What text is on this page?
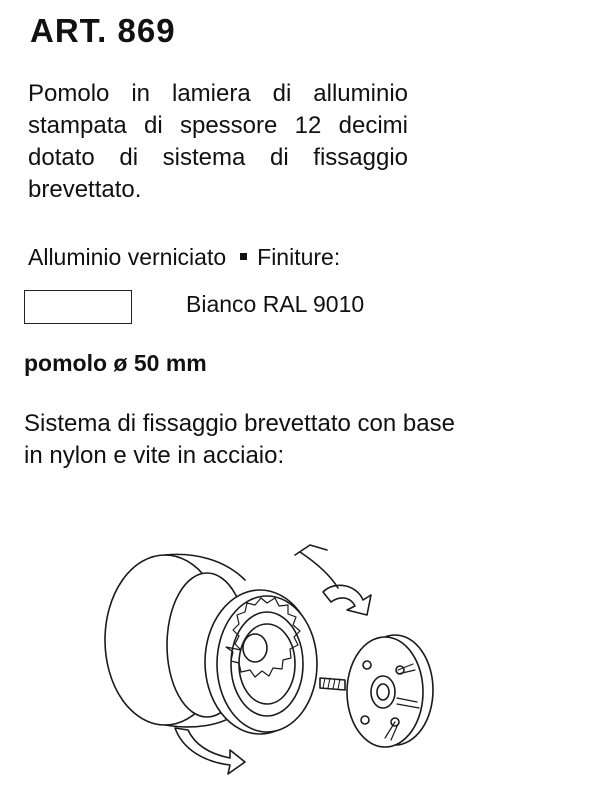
ART. 869
Pomolo in lamiera di alluminio
stampata di spessore 12 decimi
dotato di sistema di fissaggio
brevettato.
Alluminio verniciato Finiture:
Bianco RAL 9010
pomolo ø 50 mm
Sistema di fissaggio brevettato con base
in nylon e vite in acciaio:
